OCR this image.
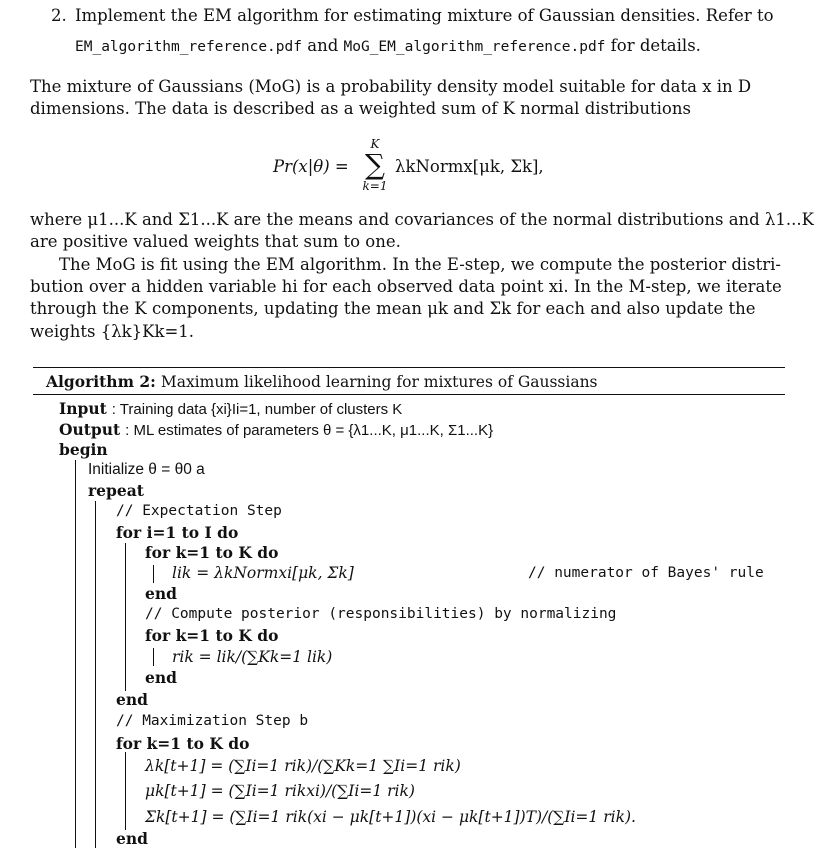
2. Implement the EM algorithm for estimating mixture of Gaussian densities. Refer to
EM_algorithm_reference.pdf and MoG_EM_algorithm_reference.pdf for details.
The mixture of Gaussians (MoG) is a probability density model suitable for data x in D
dimensions. The data is described as a weighted sum of K normal distributions
Pr(x|θ) =
K
∑
k=1
λkNormx[μk, Σk],
where μ1...K and Σ1...K are the means and covariances of the normal distributions and λ1...K
are positive valued weights that sum to one.
The MoG is fit using the EM algorithm. In the E-step, we compute the posterior distri-
bution over a hidden variable hi for each observed data point xi. In the M-step, we iterate
through the K components, updating the mean μk and Σk for each and also update the
weights {λk}Kk=1.
Algorithm 2: Maximum likelihood learning for mixtures of Gaussians
Input : Training data {xi}Ii=1, number of clusters K
Output : ML estimates of parameters θ = {λ1...K, μ1...K, Σ1...K}
begin
Initialize θ = θ0 a
repeat
// Expectation Step
for i=1 to I do
for k=1 to K do
lik = λkNormxi[μk, Σk]	// numerator of Bayes' rule
end
// Compute posterior (responsibilities) by normalizing
for k=1 to K do
rik = lik/(∑Kk=1 lik)
end
end
// Maximization Step b
for k=1 to K do
λk[t+1] = (∑Ii=1 rik)/(∑Kk=1 ∑Ii=1 rik)
μk[t+1] = (∑Ii=1 rikxi)/(∑Ii=1 rik)
Σk[t+1] = (∑Ii=1 rik(xi − μk[t+1])(xi − μk[t+1])T)/(∑Ii=1 rik).
end
